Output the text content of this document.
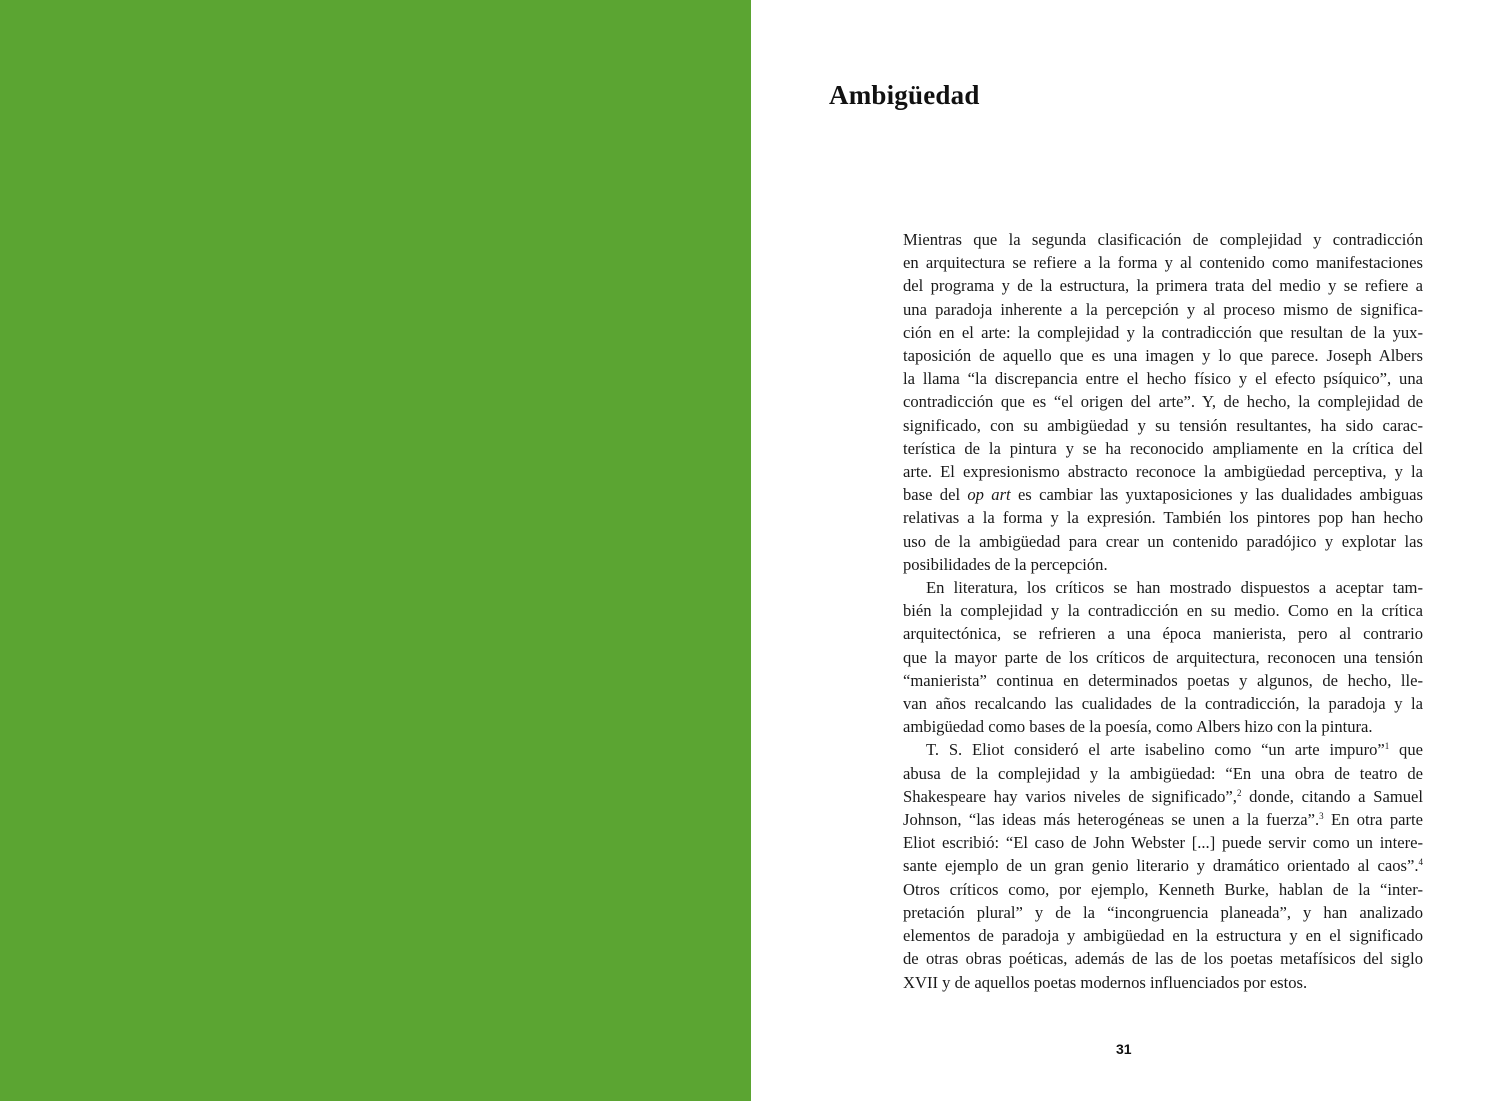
Ambigüedad
Mientras que la segunda clasificación de complejidad y contradicción
en arquitectura se refiere a la forma y al contenido como manifestaciones
del programa y de la estructura, la primera trata del medio y se refiere a
una paradoja inherente a la percepción y al proceso mismo de significa-
ción en el arte: la complejidad y la contradicción que resultan de la yux-
taposición de aquello que es una imagen y lo que parece. Joseph Albers
la llama “la discrepancia entre el hecho físico y el efecto psíquico”, una
contradicción que es “el origen del arte”. Y, de hecho, la complejidad de
significado, con su ambigüedad y su tensión resultantes, ha sido carac-
terística de la pintura y se ha reconocido ampliamente en la crítica del
arte. El expresionismo abstracto reconoce la ambigüedad perceptiva, y la
base del op art es cambiar las yuxtaposiciones y las dualidades ambiguas
relativas a la forma y la expresión. También los pintores pop han hecho
uso de la ambigüedad para crear un contenido paradójico y explotar las
posibilidades de la percepción.
En literatura, los críticos se han mostrado dispuestos a aceptar tam-
bién la complejidad y la contradicción en su medio. Como en la crítica
arquitectónica, se refrieren a una época manierista, pero al contrario
que la mayor parte de los críticos de arquitectura, reconocen una tensión
“manierista” continua en determinados poetas y algunos, de hecho, lle-
van años recalcando las cualidades de la contradicción, la paradoja y la
ambigüedad como bases de la poesía, como Albers hizo con la pintura.
T. S. Eliot consideró el arte isabelino como “un arte impuro”$^1$ que
abusa de la complejidad y la ambigüedad: “En una obra de teatro de
Shakespeare hay varios niveles de significado”,$^2$ donde, citando a Samuel
Johnson, “las ideas más heterogéneas se unen a la fuerza”.$^3$ En otra parte
Eliot escribió: “El caso de John Webster [...] puede servir como un intere-
sante ejemplo de un gran genio literario y dramático orientado al caos”.$^4$
Otros críticos como, por ejemplo, Kenneth Burke, hablan de la “inter-
pretación plural” y de la “incongruencia planeada”, y han analizado
elementos de paradoja y ambigüedad en la estructura y en el significado
de otras obras poéticas, además de las de los poetas metafísicos del siglo
XVII y de aquellos poetas modernos influenciados por estos.
31
